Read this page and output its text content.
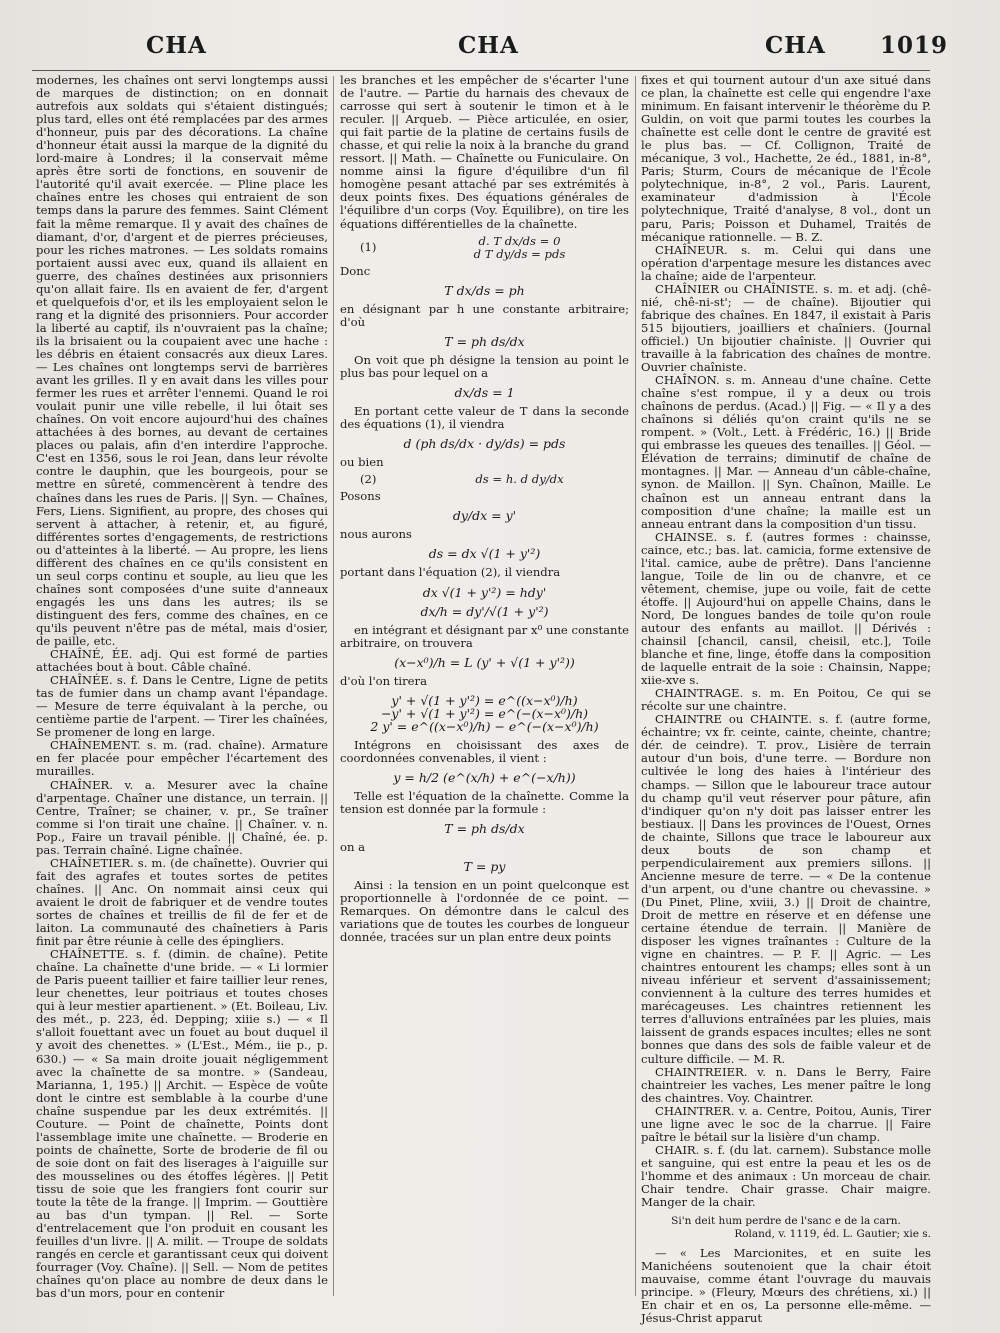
CHA	CHA	CHA 1019

modernes, les chaînes ont servi longtemps aussi de marques de distinction; on en donnait autrefois aux soldats qui s'étaient distingués; plus tard, elles ont été remplacées par des armes d'honneur, puis par des décorations. La chaîne d'honneur était aussi la marque de la dignité du lord-maire à Londres; il la conservait même après être sorti de fonctions, en souvenir de l'autorité qu'il avait exercée. — Pline place les chaînes entre les choses qui entraient de son temps dans la parure des femmes. Saint Clément fait la même remarque. Il y avait des chaînes de diamant, d'or, d'argent et de pierres précieuses, pour les riches matrones. — Les soldats romains portaient aussi avec eux, quand ils allaient en guerre, des chaînes destinées aux prisonniers qu'on allait faire. Ils en avaient de fer, d'argent et quelquefois d'or, et ils les employaient selon le rang et la dignité des prisonniers. Pour accorder la liberté au captif, ils n'ouvraient pas la chaîne; ils la brisaient ou la coupaient avec une hache : les débris en étaient consacrés aux dieux Lares. — Les chaînes ont longtemps servi de barrières avant les grilles. Il y en avait dans les villes pour fermer les rues et arrêter l'ennemi. Quand le roi voulait punir une ville rebelle, il lui ôtait ses chaînes. On voit encore aujourd'hui des chaînes attachées à des bornes, au devant de certaines places ou palais, afin d'en interdire l'approche. C'est en 1356, sous le roi Jean, dans leur révolte contre le dauphin, que les bourgeois, pour se mettre en sûreté, commencèrent à tendre des chaînes dans les rues de Paris. || Syn. — Chaînes, Fers, Liens. Signifient, au propre, des choses qui servent à attacher, à retenir, et, au figuré, différentes sortes d'engagements, de restrictions ou d'atteintes à la liberté. — Au propre, les liens diffèrent des chaînes en ce qu'ils consistent en un seul corps continu et souple, au lieu que les chaînes sont composées d'une suite d'anneaux engagés les uns dans les autres; ils se distinguent des fers, comme des chaînes, en ce qu'ils peuvent n'être pas de métal, mais d'osier, de paille, etc.

CHAÎNÉ, ÉE. adj. Qui est formé de parties attachées bout à bout. Câble chaîné.

CHAÎNÉE. s. f. Dans le Centre, Ligne de petits tas de fumier dans un champ avant l'épandage. — Mesure de terre équivalant à la perche, ou centième partie de l'arpent. — Tirer les chaînées, Se promener de long en large.

CHAÎNEMENT. s. m. (rad. chaîne). Armature en fer placée pour empêcher l'écartement des murailles.

CHAÎNER. v. a. Mesurer avec la chaîne d'arpentage. Chaîner une distance, un terrain. || Centre, Traîner; se chainer, v. pr., Se traîner comme si l'on tirait une chaîne. || Chaîner. v. n. Pop., Faire un travail pénible. || Chaîné, ée. p. pas. Terrain chaîné. Ligne chaînée.

CHAÎNETIER. s. m. (de chaînette). Ouvrier qui fait des agrafes et toutes sortes de petites chaînes. || Anc. On nommait ainsi ceux qui avaient le droit de fabriquer et de vendre toutes sortes de chaînes et treillis de fil de fer et de laiton. La communauté des chaînetiers à Paris finit par être réunie à celle des épingliers.

CHAÎNETTE. s. f. (dimin. de chaîne). Petite chaîne. La chaînette d'une bride. — « Li lormier de Paris pueent taillier et faire taillier leur renes, leur chenettes, leur poitriaus et toutes choses qui à leur mestier apartienent. » (Et. Boileau, Liv. des mét., p. 223, éd. Depping; xiiie s.) — « Il s'alloit fouettant avec un fouet au bout duquel il y avoit des chenettes. » (L'Est., Mém., iie p., p. 630.) — « Sa main droite jouait négligemment avec la chaînette de sa montre. » (Sandeau, Marianna, 1, 195.) || Archit. — Espèce de voûte dont le cintre est semblable à la courbe d'une chaîne suspendue par les deux extrémités. || Couture. — Point de chaînette, Points dont l'assemblage imite une chaînette. — Broderie en points de chaînette, Sorte de broderie de fil ou de soie dont on fait des liserages à l'aiguille sur des mousselines ou des étoffes légères. || Petit tissu de soie que les frangiers font courir sur toute la tête de la frange. || Imprim. — Gouttière au bas d'un tympan. || Rel. — Sorte d'entrelacement que l'on produit en cousant les feuilles d'un livre. || A. milit. — Troupe de soldats rangés en cercle et garantissant ceux qui doivent fourrager (Voy. Chaîne). || Sell. — Nom de petites chaînes qu'on place au nombre de deux dans le bas d'un mors, pour en contenir

les branches et les empêcher de s'écarter l'une de l'autre. — Partie du harnais des chevaux de carrosse qui sert à soutenir le timon et à le reculer. || Arqueb. — Pièce articulée, en osier, qui fait partie de la platine de certains fusils de chasse, et qui relie la noix à la branche du grand ressort. || Math. — Chaînette ou Funiculaire. On nomme ainsi la figure d'équilibre d'un fil homogène pesant attaché par ses extrémités à deux points fixes. Des équations générales de l'équilibre d'un corps (Voy. Équilibre), on tire les équations différentielles de la chaînette.

(1)	d. T dx/ds = 0
d T dy/ds = pds

Donc

T dx/ds = ph

en désignant par h une constante arbitraire; d'où

T = ph ds/dx

On voit que ph désigne la tension au point le plus bas pour lequel on a

dx/ds = 1

En portant cette valeur de T dans la seconde des équations (1), il viendra

d (ph ds/dx · dy/ds) = pds

ou bien

(2)	ds = h. d dy/dx

Posons

dy/dx = y'

nous aurons

ds = dx √(1 + y'²)

portant dans l'équation (2), il viendra

dx √(1 + y'²) = hdy'
dx/h = dy'/√(1 + y'²)

en intégrant et désignant par x⁰ une constante arbitraire, on trouvera

(x−x⁰)/h = L (y' + √(1 + y'²))

d'où l'on tirera

y' + √(1 + y'²) = e^((x−x⁰)/h)
−y' + √(1 + y'²) = e^(−(x−x⁰)/h)
2 y' = e^((x−x⁰)/h) − e^(−(x−x⁰)/h)

Intégrons en choisissant des axes de coordonnées convenables, il vient :

y = h/2 (e^(x/h) + e^(−x/h))

Telle est l'équation de la chaînette. Comme la tension est donnée par la formule :

T = ph ds/dx

on a

T = py

Ainsi : la tension en un point quelconque est proportionnelle à l'ordonnée de ce point. — Remarques. On démontre dans le calcul des variations que de toutes les courbes de longueur donnée, tracées sur un plan entre deux points

fixes et qui tournent autour d'un axe situé dans ce plan, la chaînette est celle qui engendre l'axe minimum. En faisant intervenir le théorème du P. Guldin, on voit que parmi toutes les courbes la chaînette est celle dont le centre de gravité est le plus bas. — Cf. Collignon, Traité de mécanique, 3 vol., Hachette, 2e éd., 1881, in-8°, Paris; Sturm, Cours de mécanique de l'École polytechnique, in-8°, 2 vol., Paris. Laurent, examinateur d'admission à l'École polytechnique, Traité d'analyse, 8 vol., dont un paru, Paris; Poisson et Duhamel, Traités de mécanique rationnelle. — B. Z.

CHAÎNEUR. s. m. Celui qui dans une opération d'arpentage mesure les distances avec la chaîne; aide de l'arpenteur.

CHAÎNIER ou CHAÎNISTE. s. m. et adj. (chê-nié, chê-ni-st'; — de chaîne). Bijoutier qui fabrique des chaînes. En 1847, il existait à Paris 515 bijoutiers, joailliers et chaîniers. (Journal officiel.) Un bijoutier chaîniste. || Ouvrier qui travaille à la fabrication des chaînes de montre. Ouvrier chaîniste.

CHAÎNON. s. m. Anneau d'une chaîne. Cette chaîne s'est rompue, il y a deux ou trois chaînons de perdus. (Acad.) || Fig. — « Il y a des chaînons si déliés qu'on craint qu'ils ne se rompent. » (Volt., Lett. à Frédéric, 16.) || Bride qui embrasse les queues des tenailles. || Géol. — Élévation de terrains; diminutif de chaîne de montagnes. || Mar. — Anneau d'un câble-chaîne, synon. de Maillon. || Syn. Chaînon, Maille. Le chaînon est un anneau entrant dans la composition d'une chaîne; la maille est un anneau entrant dans la composition d'un tissu.

CHAINSE. s. f. (autres formes : chainsse, caince, etc.; bas. lat. camicia, forme extensive de l'ital. camice, aube de prêtre). Dans l'ancienne langue, Toile de lin ou de chanvre, et ce vêtement, chemise, jupe ou voile, fait de cette étoffe. || Aujourd'hui on appelle Chains, dans le Nord, De longues bandes de toile qu'on roule autour des enfants au maillot. || Dérivés : chainsil [chancil, cansil, cheisil, etc.], Toile blanche et fine, linge, étoffe dans la composition de laquelle entrait de la soie : Chainsin, Nappe; xiie-xve s.

CHAINTRAGE. s. m. En Poitou, Ce qui se récolte sur une chaintre.

CHAINTRE ou CHAINTE. s. f. (autre forme, échaintre; vx fr. ceinte, cainte, cheinte, chantre; dér. de ceindre). T. prov., Lisière de terrain autour d'un bois, d'une terre. — Bordure non cultivée le long des haies à l'intérieur des champs. — Sillon que le laboureur trace autour du champ qu'il veut réserver pour pâture, afin d'indiquer qu'on n'y doit pas laisser entrer les bestiaux. || Dans les provinces de l'Ouest, Ornes de chainte, Sillons que trace le laboureur aux deux bouts de son champ et perpendiculairement aux premiers sillons. || Ancienne mesure de terre. — « De la contenue d'un arpent, ou d'une chantre ou chevassine. » (Du Pinet, Pline, xviii, 3.) || Droit de chaintre, Droit de mettre en réserve et en défense une certaine étendue de terrain. || Manière de disposer les vignes traînantes : Culture de la vigne en chaintres. — P. F. || Agric. — Les chaintres entourent les champs; elles sont à un niveau inférieur et servent d'assainissement; conviennent à la culture des terres humides et marécageuses. Les chaintres retiennent les terres d'alluvions entraînées par les pluies, mais laissent de grands espaces incultes; elles ne sont bonnes que dans des sols de faible valeur et de culture difficile. — M. R.

CHAINTREIER. v. n. Dans le Berry, Faire chaintreier les vaches, Les mener paître le long des chaintres. Voy. Chaintrer.

CHAINTRER. v. a. Centre, Poitou, Aunis, Tirer une ligne avec le soc de la charrue. || Faire paître le bétail sur la lisière d'un champ.

CHAIR. s. f. (du lat. carnem). Substance molle et sanguine, qui est entre la peau et les os de l'homme et des animaux : Un morceau de chair. Chair tendre. Chair grasse. Chair maigre. Manger de la chair.

Si'n deit hum perdre de l'sanc e de la carn.

Roland, v. 1119, éd. L. Gautier; xie s.

— « Les Marcionites, et en suite les Manichéens soutenoient que la chair étoit mauvaise, comme étant l'ouvrage du mauvais principe. » (Fleury, Mœurs des chrétiens, xi.) || En chair et en os, La personne elle-même. — Jésus-Christ apparut
